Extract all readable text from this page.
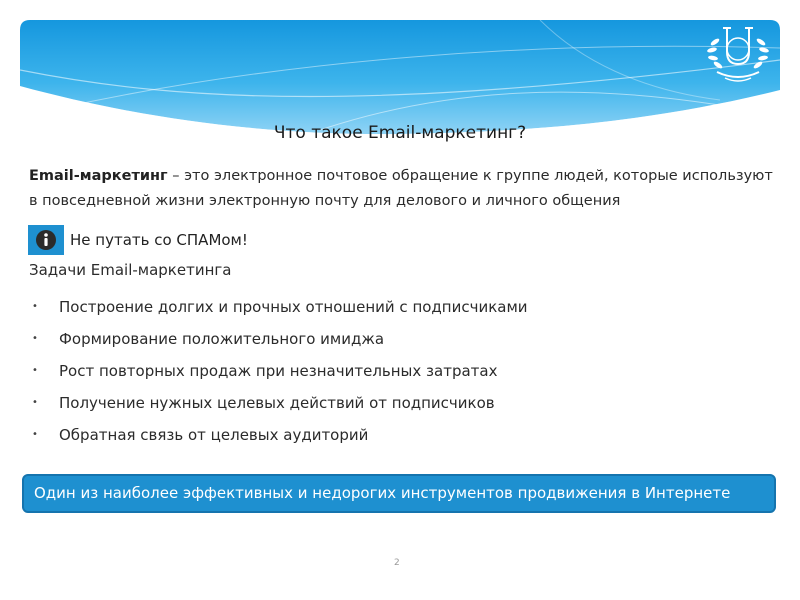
Что такое Email-маркетинг?
Email-маркетинг – это электронное почтовое обращение к группе людей, которые используют в повседневной жизни электронную почту для делового и личного общения
Не путать со СПАМом!
Задачи Email-маркетинга
• Построение долгих и прочных отношений с подписчиками
• Формирование положительного имиджа
• Рост повторных продаж при незначительных затратах
• Получение нужных целевых действий от подписчиков
• Обратная связь от целевых аудиторий
Один из наиболее эффективных и недорогих инструментов продвижения в Интернете
2
